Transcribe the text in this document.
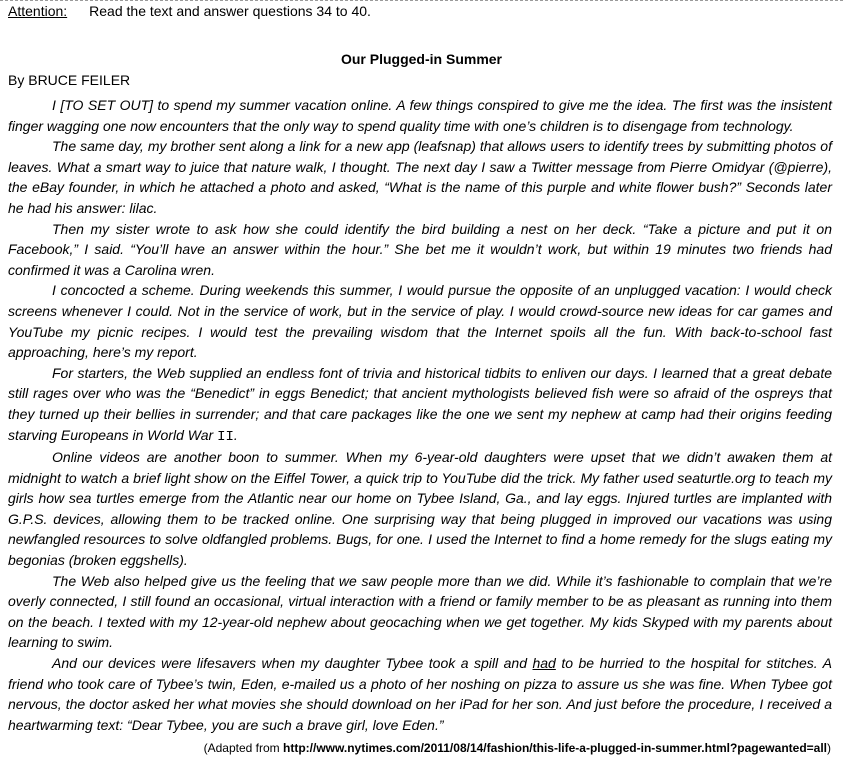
Attention: Read the text and answer questions 34 to 40.
Our Plugged-in Summer
By BRUCE FEILER

I [TO SET OUT] to spend my summer vacation online. A few things conspired to give me the idea. The first was the insistent finger wagging one now encounters that the only way to spend quality time with one’s children is to disengage from technology.

The same day, my brother sent along a link for a new app (leafsnap) that allows users to identify trees by submitting photos of leaves. What a smart way to juice that nature walk, I thought. The next day I saw a Twitter message from Pierre Omidyar (@pierre), the eBay founder, in which he attached a photo and asked, “What is the name of this purple and white flower bush?” Seconds later he had his answer: lilac.

Then my sister wrote to ask how she could identify the bird building a nest on her deck. “Take a picture and put it on Facebook,” I said. “You’ll have an answer within the hour.” She bet me it wouldn’t work, but within 19 minutes two friends had confirmed it was a Carolina wren.

I concocted a scheme. During weekends this summer, I would pursue the opposite of an unplugged vacation: I would check screens whenever I could. Not in the service of work, but in the service of play. I would crowd-source new ideas for car games and YouTube my picnic recipes. I would test the prevailing wisdom that the Internet spoils all the fun. With back-to-school fast approaching, here’s my report.

For starters, the Web supplied an endless font of trivia and historical tidbits to enliven our days. I learned that a great debate still rages over who was the “Benedict” in eggs Benedict; that ancient mythologists believed fish were so afraid of the ospreys that they turned up their bellies in surrender; and that care packages like the one we sent my nephew at camp had their origins feeding starving Europeans in World War II.

Online videos are another boon to summer. When my 6-year-old daughters were upset that we didn’t awaken them at midnight to watch a brief light show on the Eiffel Tower, a quick trip to YouTube did the trick. My father used seaturtle.org to teach my girls how sea turtles emerge from the Atlantic near our home on Tybee Island, Ga., and lay eggs. Injured turtles are implanted with G.P.S. devices, allowing them to be tracked online. One surprising way that being plugged in improved our vacations was using newfangled resources to solve oldfangled problems. Bugs, for one. I used the Internet to find a home remedy for the slugs eating my begonias (broken eggshells).

The Web also helped give us the feeling that we saw people more than we did. While it’s fashionable to complain that we’re overly connected, I still found an occasional, virtual interaction with a friend or family member to be as pleasant as running into them on the beach. I texted with my 12-year-old nephew about geocaching when we get together. My kids Skyped with my parents about learning to swim.

And our devices were lifesavers when my daughter Tybee took a spill and had to be hurried to the hospital for stitches. A friend who took care of Tybee’s twin, Eden, e-mailed us a photo of her noshing on pizza to assure us she was fine. When Tybee got nervous, the doctor asked her what movies she should download on her iPad for her son. And just before the procedure, I received a heartwarming text: “Dear Tybee, you are such a brave girl, love Eden.”

(Adapted from http://www.nytimes.com/2011/08/14/fashion/this-life-a-plugged-in-summer.html?pagewanted=all)
